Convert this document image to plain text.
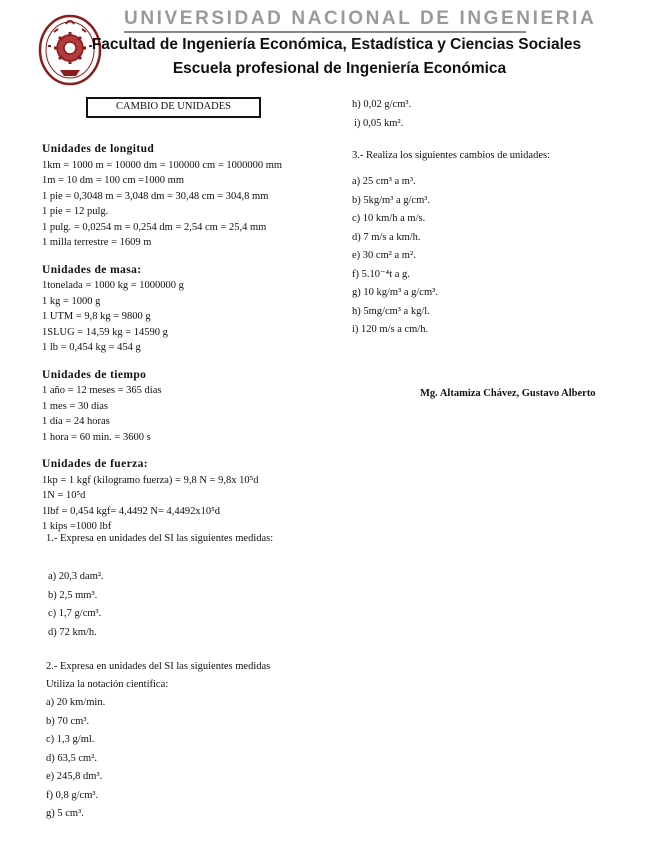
UNIVERSIDAD NACIONAL DE INGENIERIA
Facultad de Ingeniería Económica, Estadística y Ciencias Sociales
Escuela profesional de Ingeniería Económica
CAMBIO DE UNIDADES
Unidades de longitud
1km = 1000 m = 10000 dm = 100000 cm = 1000000 mm
1m = 10 dm = 100 cm =1000 mm
1 pie = 0,3048 m = 3,048 dm = 30,48 cm = 304,8 mm
1 pie = 12 pulg.
1 pulg. = 0,0254 m = 0,254 dm = 2,54 cm = 25,4 mm
1 milla terrestre = 1609 m
Unidades de masa:
1tonelada = 1000 kg = 1000000 g
1 kg = 1000 g
1 UTM = 9,8 kg = 9800 g
1SLUG = 14,59 kg = 14590 g
1 lb = 0,454 kg = 454 g
Unidades de tiempo
1 año = 12 meses = 365 días
1 mes = 30 días
1 día = 24 horas
1 hora = 60 min. = 3600 s
Unidades de fuerza:
1kp = 1 kgf (kilogramo fuerza) = 9,8 N = 9,8x 10⁵d
1N = 10⁵d
1lbf = 0,454 kgf= 4,4492 N= 4,4492x10⁵d
1 kips =1000 lbf
1.- Expresa en unidades del SI las siguientes medidas:
a) 20,3 dam².
b) 2,5 mm³.
c) 1,7 g/cm³.
d) 72 km/h.
2.- Expresa en unidades del SI las siguientes medidas
Utiliza la notación científica:
a) 20 km/min.
b) 70 cm³.
c) 1,3 g/ml.
d) 63,5 cm².
e) 245,8 dm³.
f) 0,8 g/cm³.
g) 5 cm³.
h) 0,02 g/cm³.
i) 0,05 km².
3.- Realiza los siguientes cambios de unidades:
a) 25 cm³ a m³.
b) 5kg/m³ a g/cm³.
c) 10 km/h a m/s.
d) 7 m/s a km/h.
e) 30 cm² a m².
f) 5.10⁻⁴t a g.
g) 10 kg/m³ a g/cm³.
h) 5mg/cm³ a kg/l.
i) 120 m/s a cm/h.
Mg. Altamiza Chávez, Gustavo Alberto
